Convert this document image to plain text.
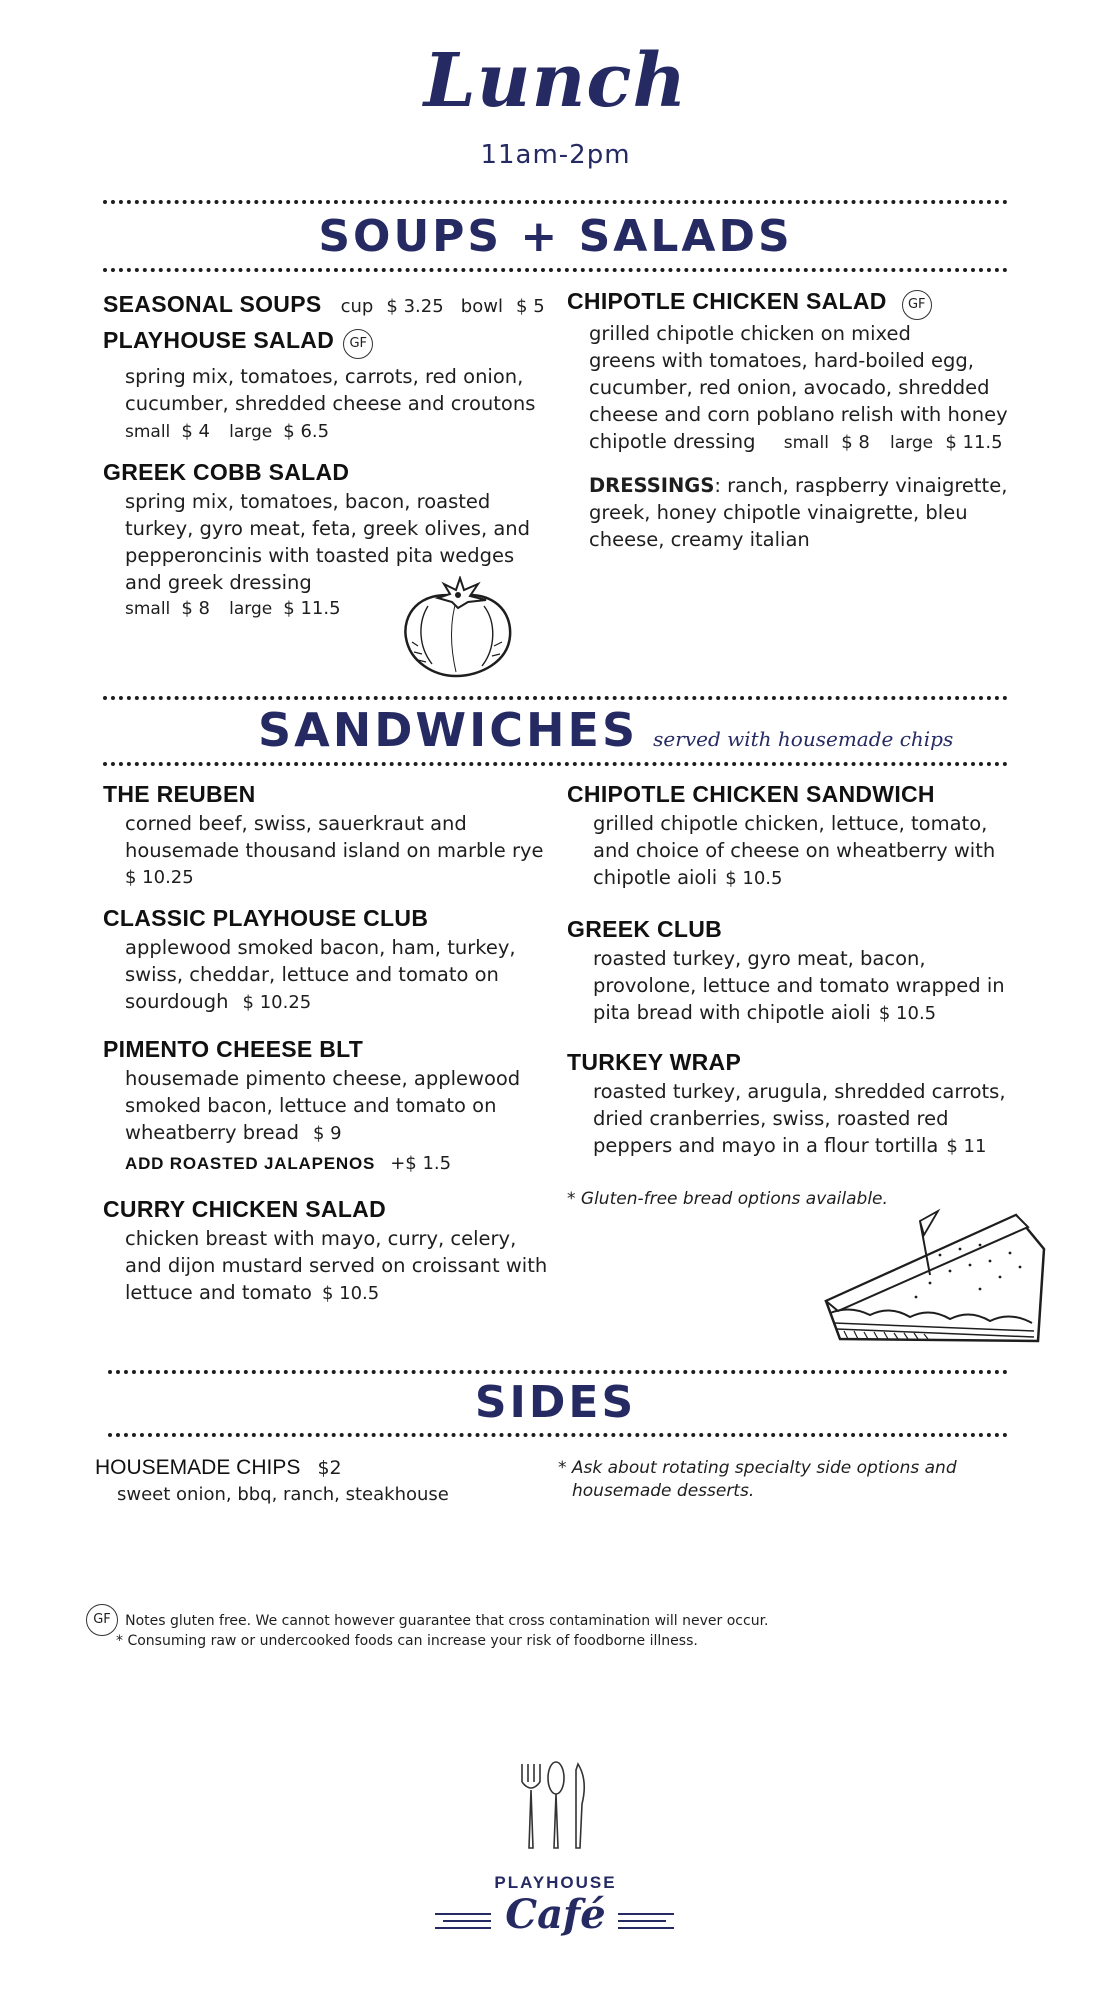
Lunch
11am-2pm
SOUPS + SALADS
SEASONAL SOUPS cup $ 3.25 bowl $ 5
PLAYHOUSE SALAD GF
spring mix, tomatoes, carrots, red onion,
cucumber, shredded cheese and croutons
small $ 4 large $ 6.5
GREEK COBB SALAD
spring mix, tomatoes, bacon, roasted
turkey, gyro meat, feta, greek olives, and
pepperoncinis with toasted pita wedges
and greek dressing
small $ 8 large $ 11.5
CHIPOTLE CHICKEN SALAD GF
grilled chipotle chicken on mixed
greens with tomatoes, hard-boiled egg,
cucumber, red onion, avocado, shredded
cheese and corn poblano relish with honey
chipotle dressing small $ 8 large $ 11.5
DRESSINGS: ranch, raspberry vinaigrette,
greek, honey chipotle vinaigrette, bleu
cheese, creamy italian
SANDWICHES served with housemade chips
THE REUBEN
corned beef, swiss, sauerkraut and
housemade thousand island on marble rye
$ 10.25
CLASSIC PLAYHOUSE CLUB
applewood smoked bacon, ham, turkey,
swiss, cheddar, lettuce and tomato on
sourdough $ 10.25
PIMENTO CHEESE BLT
housemade pimento cheese, applewood
smoked bacon, lettuce and tomato on
wheatberry bread $ 9
ADD ROASTED JALAPENOS +$ 1.5
CURRY CHICKEN SALAD
chicken breast with mayo, curry, celery,
and dijon mustard served on croissant with
lettuce and tomato $ 10.5
CHIPOTLE CHICKEN SANDWICH
grilled chipotle chicken, lettuce, tomato,
and choice of cheese on wheatberry with
chipotle aioli $ 10.5
GREEK CLUB
roasted turkey, gyro meat, bacon,
provolone, lettuce and tomato wrapped in
pita bread with chipotle aioli $ 10.5
TURKEY WRAP
roasted turkey, arugula, shredded carrots,
dried cranberries, swiss, roasted red
peppers and mayo in a flour tortilla $ 11
* Gluten-free bread options available.
SIDES
HOUSEMADE CHIPS $2
sweet onion, bbq, ranch, steakhouse
* Ask about rotating specialty side options and
housemade desserts.
GF Notes gluten free. We cannot however guarantee that cross contamination will never occur.
* Consuming raw or undercooked foods can increase your risk of foodborne illness.
PLAYHOUSE
Café
